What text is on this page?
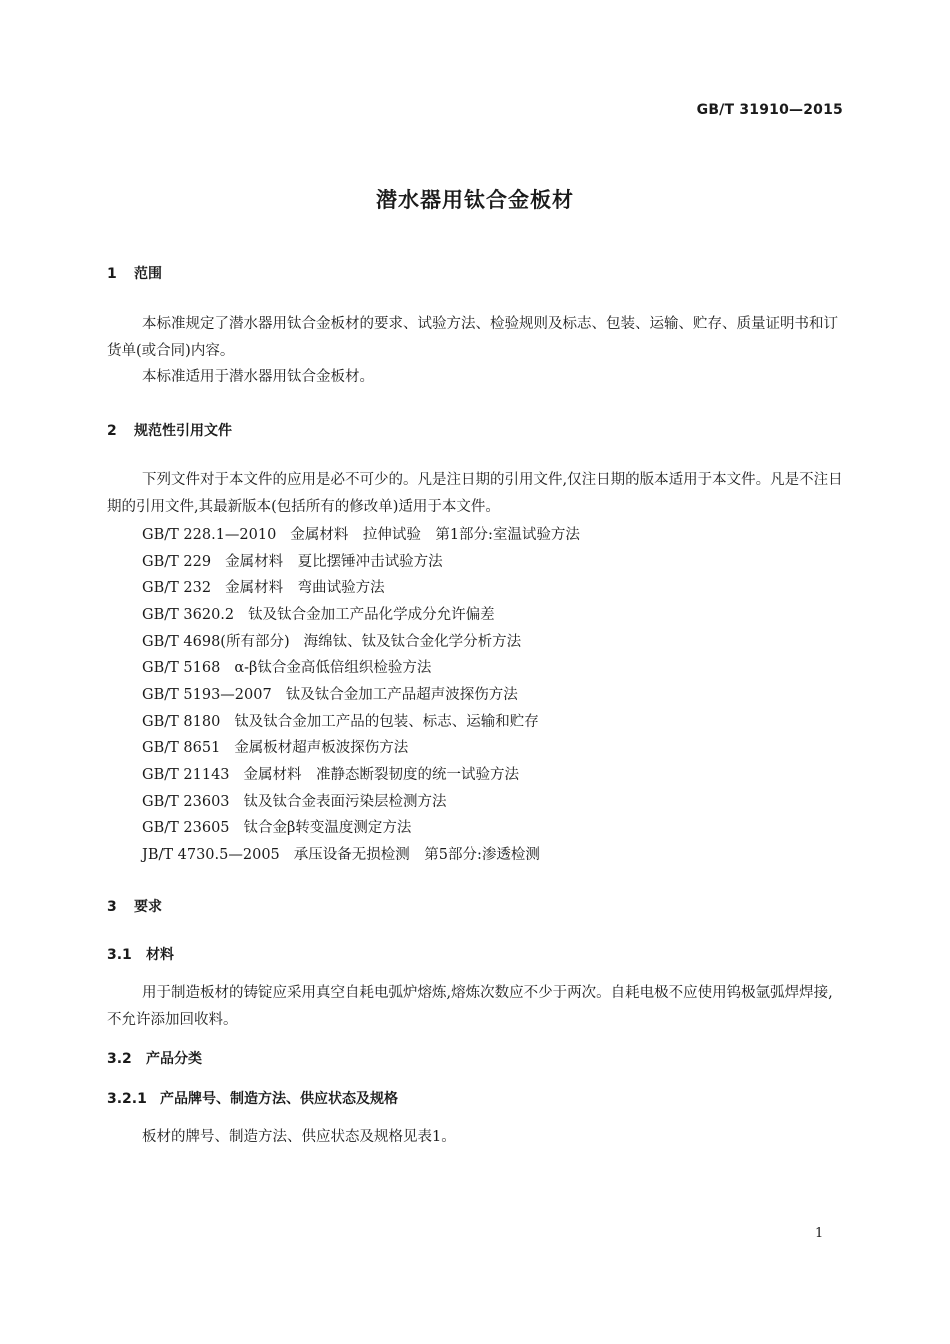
GB/T 31910—2015
潜水器用钛合金板材
1 范围
本标准规定了潜水器用钛合金板材的要求、试验方法、检验规则及标志、包装、运输、贮存、质量证明书和订货单(或合同)内容。
本标准适用于潜水器用钛合金板材。
2 规范性引用文件
下列文件对于本文件的应用是必不可少的。凡是注日期的引用文件,仅注日期的版本适用于本文件。凡是不注日期的引用文件,其最新版本(包括所有的修改单)适用于本文件。
GB/T 228.1—2010 金属材料　拉伸试验　第1部分:室温试验方法
GB/T 229 金属材料　夏比摆锤冲击试验方法
GB/T 232 金属材料　弯曲试验方法
GB/T 3620.2 钛及钛合金加工产品化学成分允许偏差
GB/T 4698(所有部分) 海绵钛、钛及钛合金化学分析方法
GB/T 5168 α-β钛合金高低倍组织检验方法
GB/T 5193—2007 钛及钛合金加工产品超声波探伤方法
GB/T 8180 钛及钛合金加工产品的包装、标志、运输和贮存
GB/T 8651 金属板材超声板波探伤方法
GB/T 21143 金属材料　准静态断裂韧度的统一试验方法
GB/T 23603 钛及钛合金表面污染层检测方法
GB/T 23605 钛合金β转变温度测定方法
JB/T 4730.5—2005 承压设备无损检测　第5部分:渗透检测
3 要求
3.1 材料
用于制造板材的铸锭应采用真空自耗电弧炉熔炼,熔炼次数应不少于两次。自耗电极不应使用钨极氩弧焊焊接,不允许添加回收料。
3.2 产品分类
3.2.1 产品牌号、制造方法、供应状态及规格
板材的牌号、制造方法、供应状态及规格见表1。
1
